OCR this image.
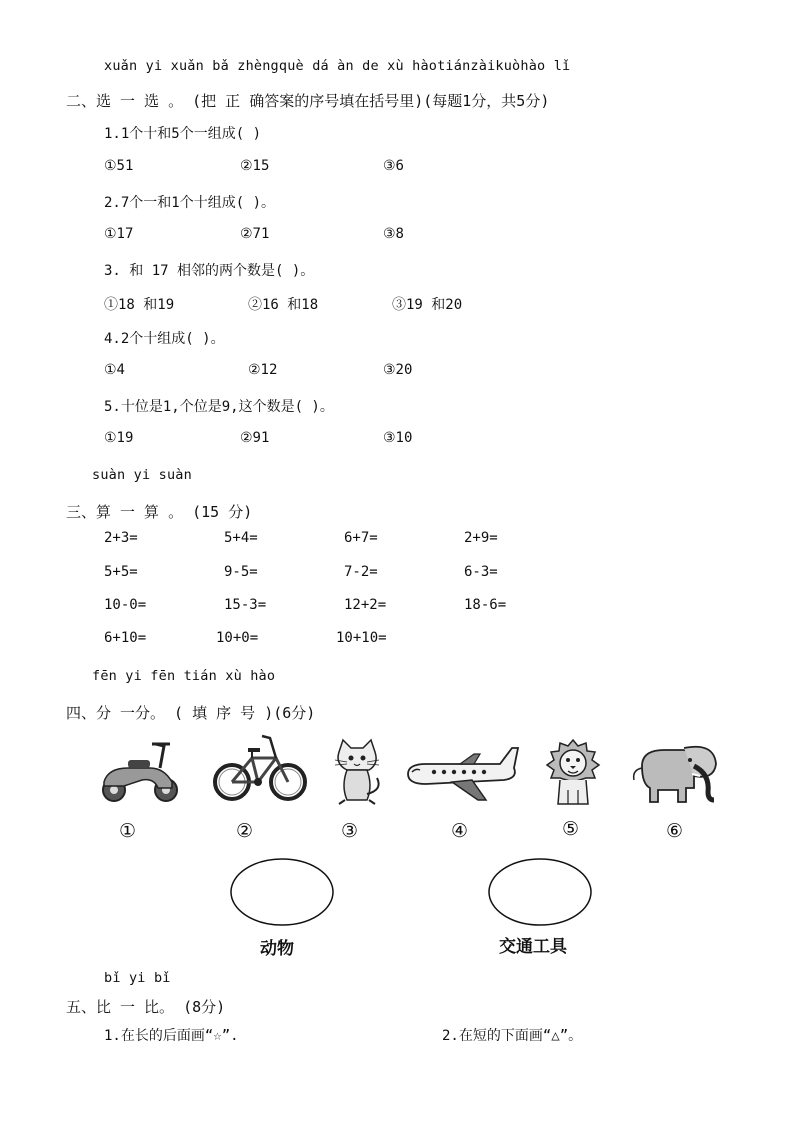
xuǎn yi xuǎn bǎ zhèngquè dá àn de xù hàotiánzàikuòhào lǐ
二、选 一 选 。 (把 正 确答案的序号填在括号里)(每题1分，共5分)
1.1个十和5个一组成( )
①51	②15	③6
2.7个一和1个十组成( )。
①17	②71	③8
3. 和 17 相邻的两个数是( )。
①18 和19	②16 和18	③19 和20
4.2个十组成( )。
①4	②12	③20
5.十位是1,个位是9,这个数是( )。
①19	②91	③10
suàn yi suàn
三、算 一 算 。 (15 分)
2+3=	5+4=	6+7=	2+9=
5+5=	9-5=	7-2=	6-3=
10-0=	15-3=	12+2=	18-6=
6+10=	10+0=	10+10=
fēn yi fēn tián xù hào
四、分 一分。 ( 填 序 号 )(6分)
①	②	③	④	⑤	⑥
动物	交通工具
bǐ yi bǐ
五、比 一 比。 (8分)
1.在长的后面画“☆”.	2.在短的下面画“△”。
